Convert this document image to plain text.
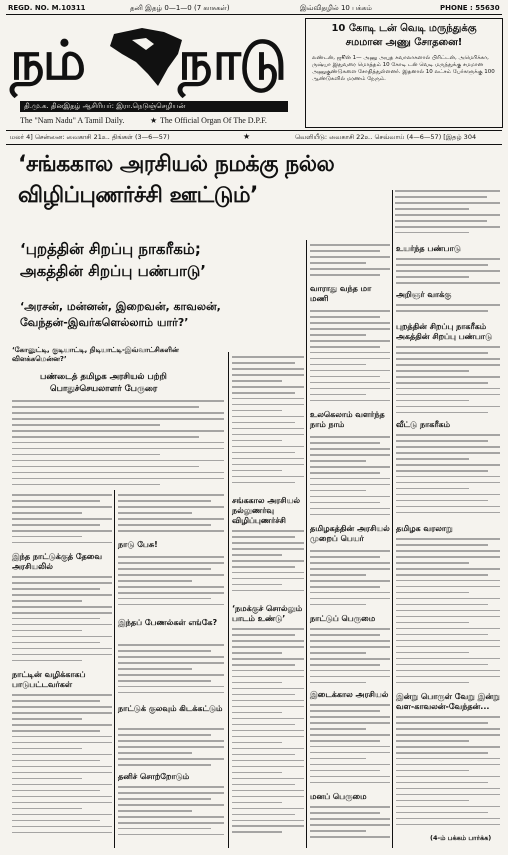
REGD. NO. M.10311	தனி இதழ் 0—1—0 (7 காசுகள்)	இவ்விதழில் 10 பக்கம்	PHONE : 55630
நம் நாடு
தி.மு.க. தினஇதழ் ஆசிரியர்: இரா.நெடுஞ்செழியன்
The "Nam Nadu" A Tamil Daily.	The Official Organ Of The D.P.F.
★
10 கோடி டன் வெடி மருந்துக்கு
சமமான அணு சோதனை!
லண்டன், ஜூன் 1— அணு அயுத சுவாலாகளால் பிரிட்டன், அமெரிக்கா, ருஷ்யா இதுவரை மொத்தம் 10 கோடி டன் வெடி மருந்துக்கு சமமான அணுகுண்டுகளை சோதித்துள்ளனர். இதனால் 10 லட்சம் பேர்களுக்கு 100 ஆண்டுகளில் மரணம் நேரும்.
மலர் 4] சென்னை: வைகாசி 21உ. திங்கள் (3—6—57)	★	வெளியீடு: வைகாசி 22உ. செவ்வாய் (4—6—57) [இதழ் 304
‘சங்ககால அரசியல் நமக்கு நல்ல
விழிப்புணர்ச்சி ஊட்டும்’
‘புறத்தின் சிறப்பு நாகரீகம்;
அகத்தின் சிறப்பு பண்பாடு’
‘அரசன், மன்னன், இறைவன், காவலன்,
வேந்தன்-இவர்களெல்லாம் யார்?’
‘கோனுட்டி, குடியாட்டி, நிடியாட்டி-இவ்வாட்சிகளின் விளக்கமென்ன?’
பண்டைத் தமிழக அரசியல் பற்றி
பொதுச்செயலாளர் பேருரை
இந்த நாட்டுக்குத் தேவை அரசியலில்
நாட்டின் வழிக்காகப் பாடுபட்டவர்கள்
நாடு பேசு!
இந்தப் பேணல்கள் எங்கே?
நாட்டுக் குலவும் கிடக்கட்டும்
தனிச் சொற்றோடும்
சங்ககால அரசியல் நல்லுணர்வு விழிப்புணர்ச்சி
‘நமக்குச் சொல்லும் பாடம் உண்டு’
வாராது வந்த மா மணி
உலகெலாம் வளர்ந்த நாம் நாம்
தமிழகத்தின் அரசியல் முறைப் பெயர்
நாட்டுப் பெருமை
இடைக்கால அரசியல்
மனப் பெருமை
உயர்ந்த பண்பாடு
அறிஞர் வாக்கு
புறத்தின் சிறப்பு நாகரீகம் அகத்தின் சிறப்பு பண்பாடு
வீட்டு நாகரீகம்
தமிழக வரலாறு
இன்று பொருள் வேறு இன்று வள-காவலன்-வேந்தன்...
(4-ம் பக்கம் பார்க்க)
